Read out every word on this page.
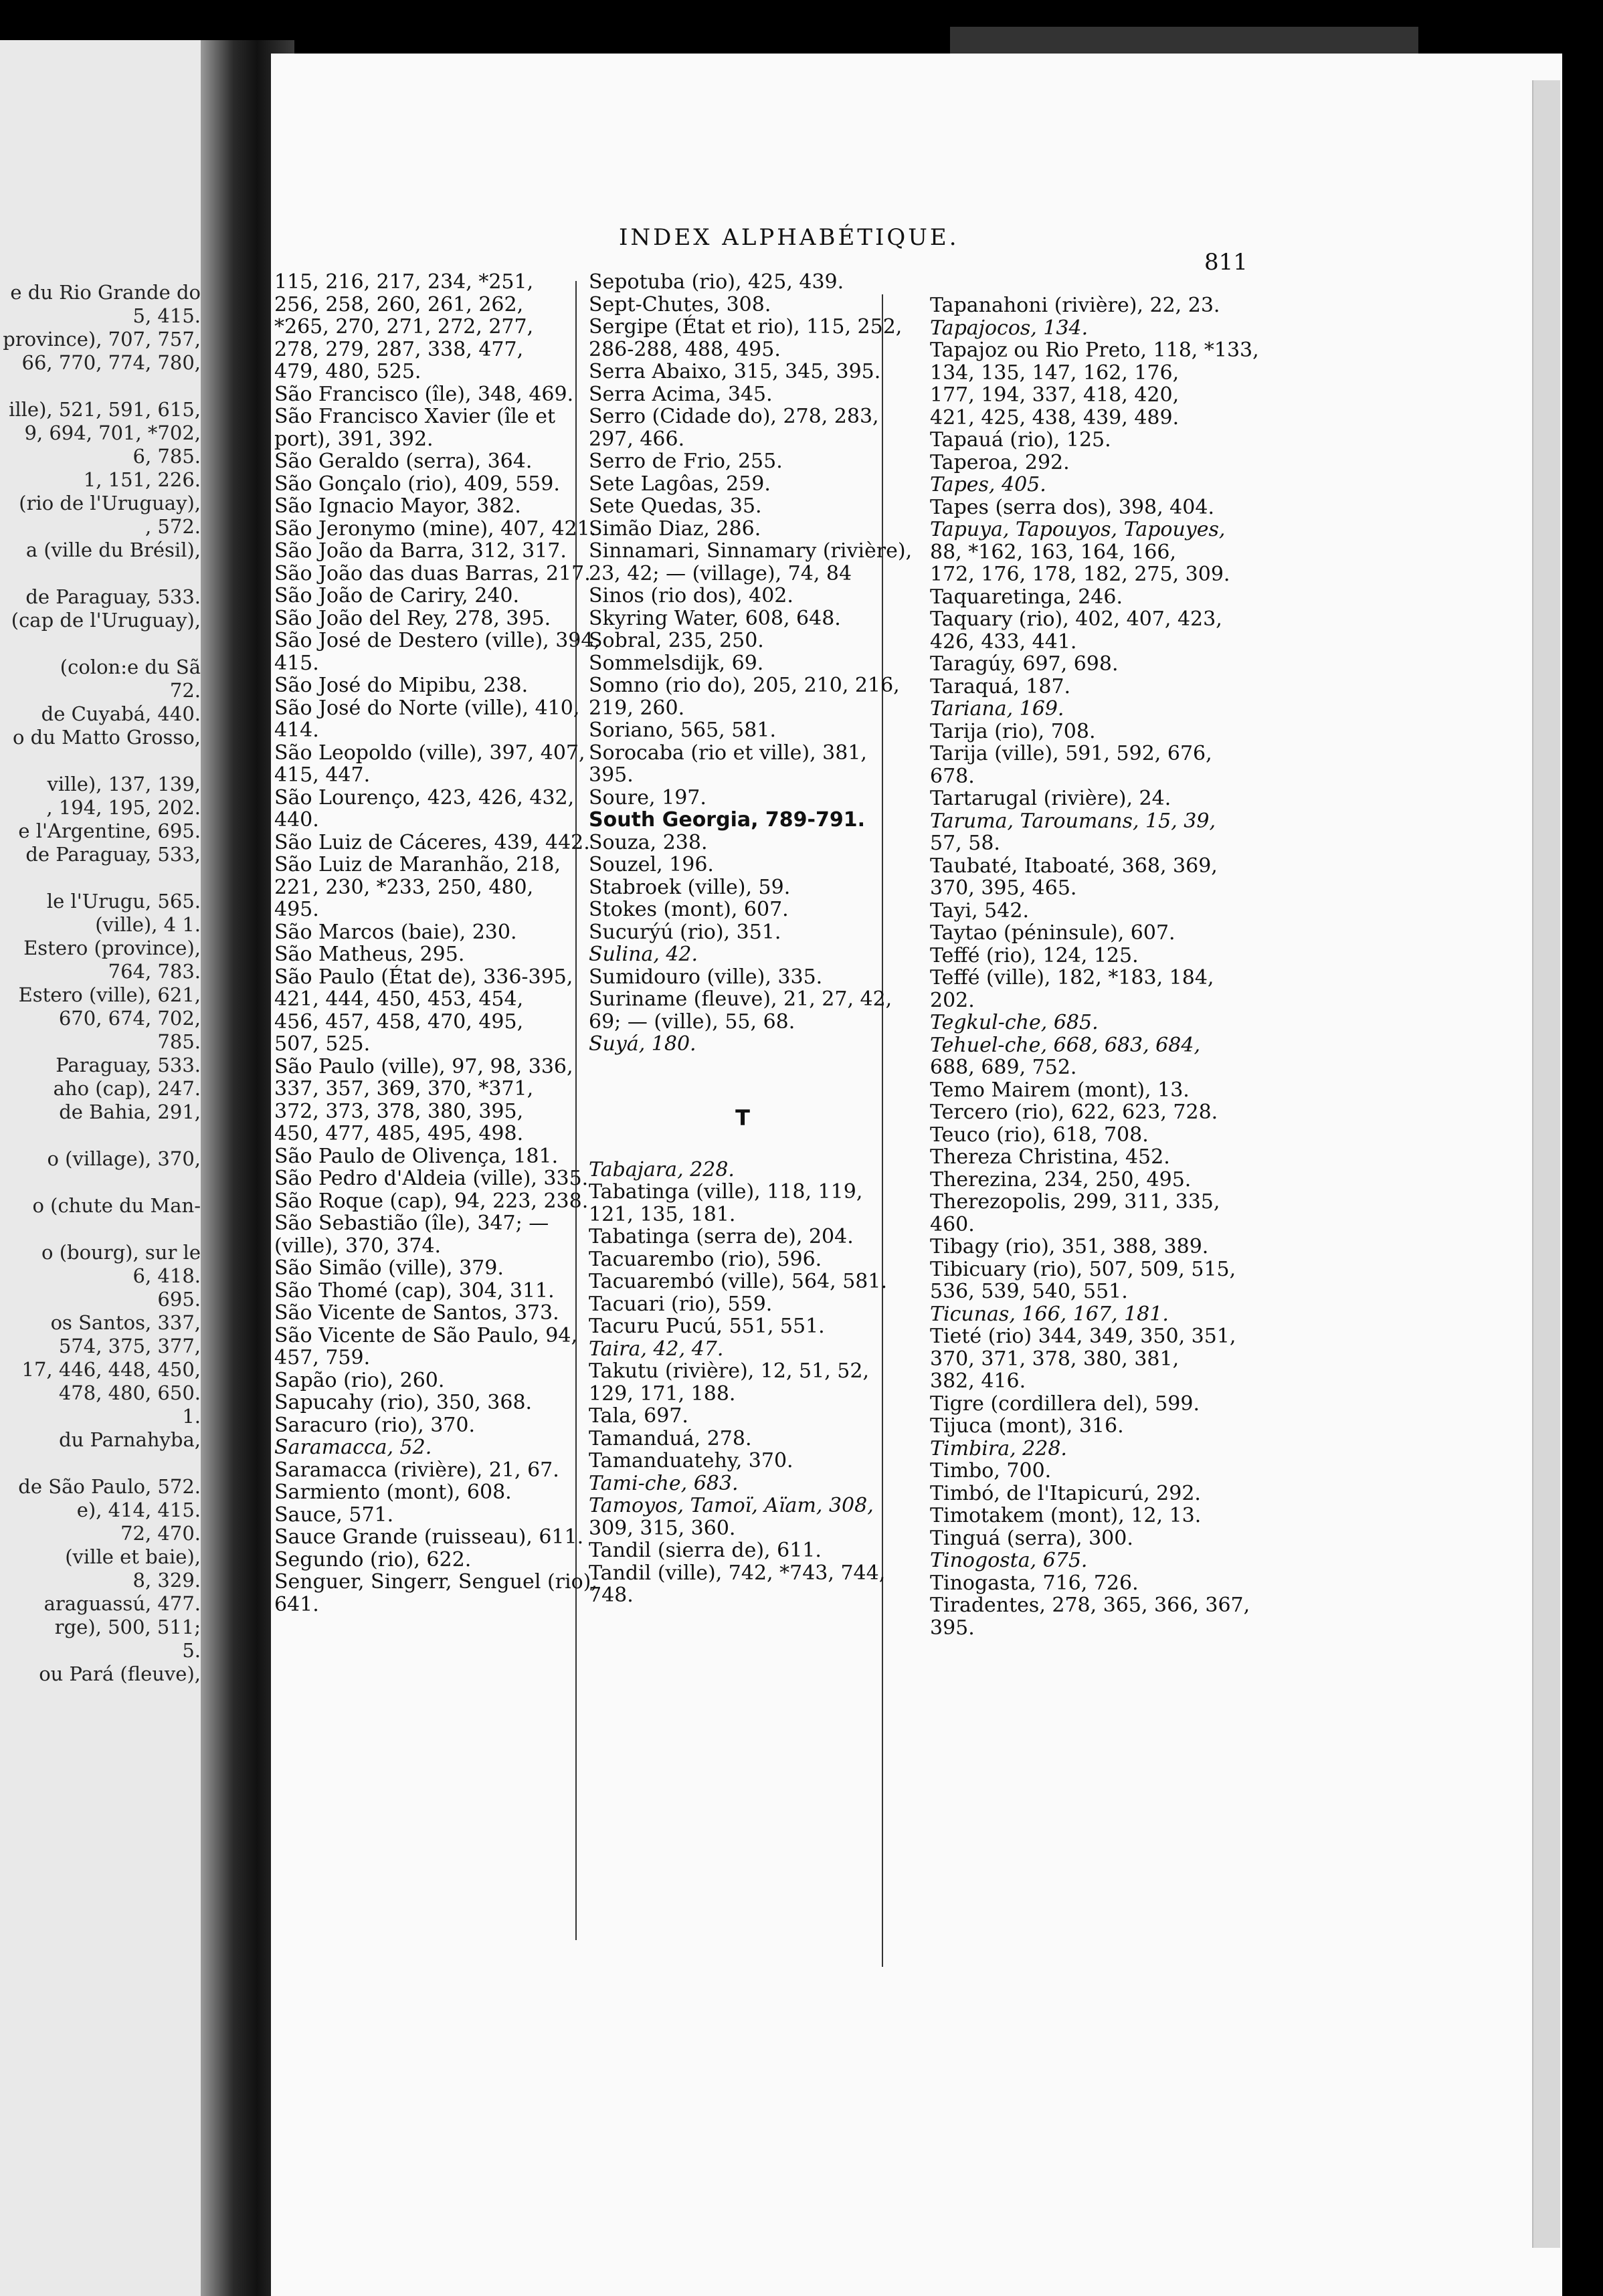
e du Rio Grande do
5, 415.
province), 707, 757,
66, 770, 774, 780,

ille), 521, 591, 615,
9, 694, 701, *702,
6, 785.
1, 151, 226.
(rio de l'Uruguay),
, 572.
a (ville du Brésil),

de Paraguay, 533.
(cap de l'Uruguay),

(colon:e du Sã
72.
de Cuyabá, 440.
o du Matto Grosso,

ville), 137, 139,
, 194, 195, 202.
e l'Argentine, 695.
de Paraguay, 533,

le l'Urugu, 565.
(ville), 4 1.
Estero (province),
764, 783.
Estero (ville), 621,
670, 674, 702,
785.
Paraguay, 533.
aho (cap), 247.
de Bahia, 291,

o (village), 370,

o (chute du Man-

o (bourg), sur le
6, 418.
695.
os Santos, 337,
574, 375, 377,
17, 446, 448, 450,
478, 480, 650.
1.
du Parnahyba,

de São Paulo, 572.
e), 414, 415.
72, 470.
(ville et baie),
8, 329.
araguassú, 477.
rge), 500, 511;
5.
ou Pará (fleuve),
INDEX ALPHABÉTIQUE.
811
115, 216, 217, 234, *251,
256, 258, 260, 261, 262,
*265, 270, 271, 272, 277,
278, 279, 287, 338, 477,
479, 480, 525.
São Francisco (île), 348, 469.
São Francisco Xavier (île et
port), 391, 392.
São Geraldo (serra), 364.
São Gonçalo (rio), 409, 559.
São Ignacio Mayor, 382.
São Jeronymo (mine), 407, 421.
São João da Barra, 312, 317.
São João das duas Barras, 217.
São João de Cariry, 240.
São João del Rey, 278, 395.
São José de Destero (ville), 394,
415.
São José do Mipibu, 238.
São José do Norte (ville), 410,
414.
São Leopoldo (ville), 397, 407,
415, 447.
São Lourenço, 423, 426, 432,
440.
São Luiz de Cáceres, 439, 442.
São Luiz de Maranhão, 218,
221, 230, *233, 250, 480,
495.
São Marcos (baie), 230.
São Matheus, 295.
São Paulo (État de), 336-395,
421, 444, 450, 453, 454,
456, 457, 458, 470, 495,
507, 525.
São Paulo (ville), 97, 98, 336,
337, 357, 369, 370, *371,
372, 373, 378, 380, 395,
450, 477, 485, 495, 498.
São Paulo de Olivença, 181.
São Pedro d'Aldeia (ville), 335.
São Roque (cap), 94, 223, 238.
São Sebastião (île), 347; —
(ville), 370, 374.
São Simão (ville), 379.
São Thomé (cap), 304, 311.
São Vicente de Santos, 373.
São Vicente de São Paulo, 94,
457, 759.
Sapão (rio), 260.
Sapucahy (rio), 350, 368.
Saracuro (rio), 370.
Saramacca, 52.
Saramacca (rivière), 21, 67.
Sarmiento (mont), 608.
Sauce, 571.
Sauce Grande (ruisseau), 611.
Segundo (rio), 622.
Senguer, Singerr, Senguel (rio),
641.
Sepotuba (rio), 425, 439.
Sept-Chutes, 308.
Sergipe (État et rio), 115, 252,
286-288, 488, 495.
Serra Abaixo, 315, 345, 395.
Serra Acima, 345.
Serro (Cidade do), 278, 283,
297, 466.
Serro de Frio, 255.
Sete Lagôas, 259.
Sete Quedas, 35.
Simão Diaz, 286.
Sinnamari, Sinnamary (rivière),
23, 42; — (village), 74, 84
Sinos (rio dos), 402.
Skyring Water, 608, 648.
Sobral, 235, 250.
Sommelsdijk, 69.
Somno (rio do), 205, 210, 216,
219, 260.
Soriano, 565, 581.
Sorocaba (rio et ville), 381,
395.
Soure, 197.
South Georgia, 789-791.
Souza, 238.
Souzel, 196.
Stabroek (ville), 59.
Stokes (mont), 607.
Sucurýú (rio), 351.
Sulina, 42.
Sumidouro (ville), 335.
Suriname (fleuve), 21, 27, 42,
69; — (ville), 55, 68.
Suyá, 180.

T

Tabajara, 228.
Tabatinga (ville), 118, 119,
121, 135, 181.
Tabatinga (serra de), 204.
Tacuarembo (rio), 596.
Tacuarembó (ville), 564, 581.
Tacuari (rio), 559.
Tacuru Pucú, 551, 551.
Taira, 42, 47.
Takutu (rivière), 12, 51, 52,
129, 171, 188.
Tala, 697.
Tamanduá, 278.
Tamanduatehy, 370.
Tami-che, 683.
Tamoyos, Tamoï, Aïam, 308,
309, 315, 360.
Tandil (sierra de), 611.
Tandil (ville), 742, *743, 744,
748.
Tapanahoni (rivière), 22, 23.
Tapajocos, 134.
Tapajoz ou Rio Preto, 118, *133,
134, 135, 147, 162, 176,
177, 194, 337, 418, 420,
421, 425, 438, 439, 489.
Tapauá (rio), 125.
Taperoa, 292.
Tapes, 405.
Tapes (serra dos), 398, 404.
Tapuya, Tapouyos, Tapouyes,
88, *162, 163, 164, 166,
172, 176, 178, 182, 275, 309.
Taquaretinga, 246.
Taquary (rio), 402, 407, 423,
426, 433, 441.
Taragúy, 697, 698.
Taraquá, 187.
Tariana, 169.
Tarija (rio), 708.
Tarija (ville), 591, 592, 676,
678.
Tartarugal (rivière), 24.
Taruma, Taroumans, 15, 39,
57, 58.
Taubaté, Itaboaté, 368, 369,
370, 395, 465.
Tayi, 542.
Taytao (péninsule), 607.
Teffé (rio), 124, 125.
Teffé (ville), 182, *183, 184,
202.
Tegkul-che, 685.
Tehuel-che, 668, 683, 684,
688, 689, 752.
Temo Mairem (mont), 13.
Tercero (rio), 622, 623, 728.
Teuco (rio), 618, 708.
Thereza Christina, 452.
Therezina, 234, 250, 495.
Therezopolis, 299, 311, 335,
460.
Tibagy (rio), 351, 388, 389.
Tibicuary (rio), 507, 509, 515,
536, 539, 540, 551.
Ticunas, 166, 167, 181.
Tieté (rio) 344, 349, 350, 351,
370, 371, 378, 380, 381,
382, 416.
Tigre (cordillera del), 599.
Tijuca (mont), 316.
Timbira, 228.
Timbo, 700.
Timbó, de l'Itapicurú, 292.
Timotakem (mont), 12, 13.
Tinguá (serra), 300.
Tinogosta, 675.
Tinogasta, 716, 726.
Tiradentes, 278, 365, 366, 367,
395.
